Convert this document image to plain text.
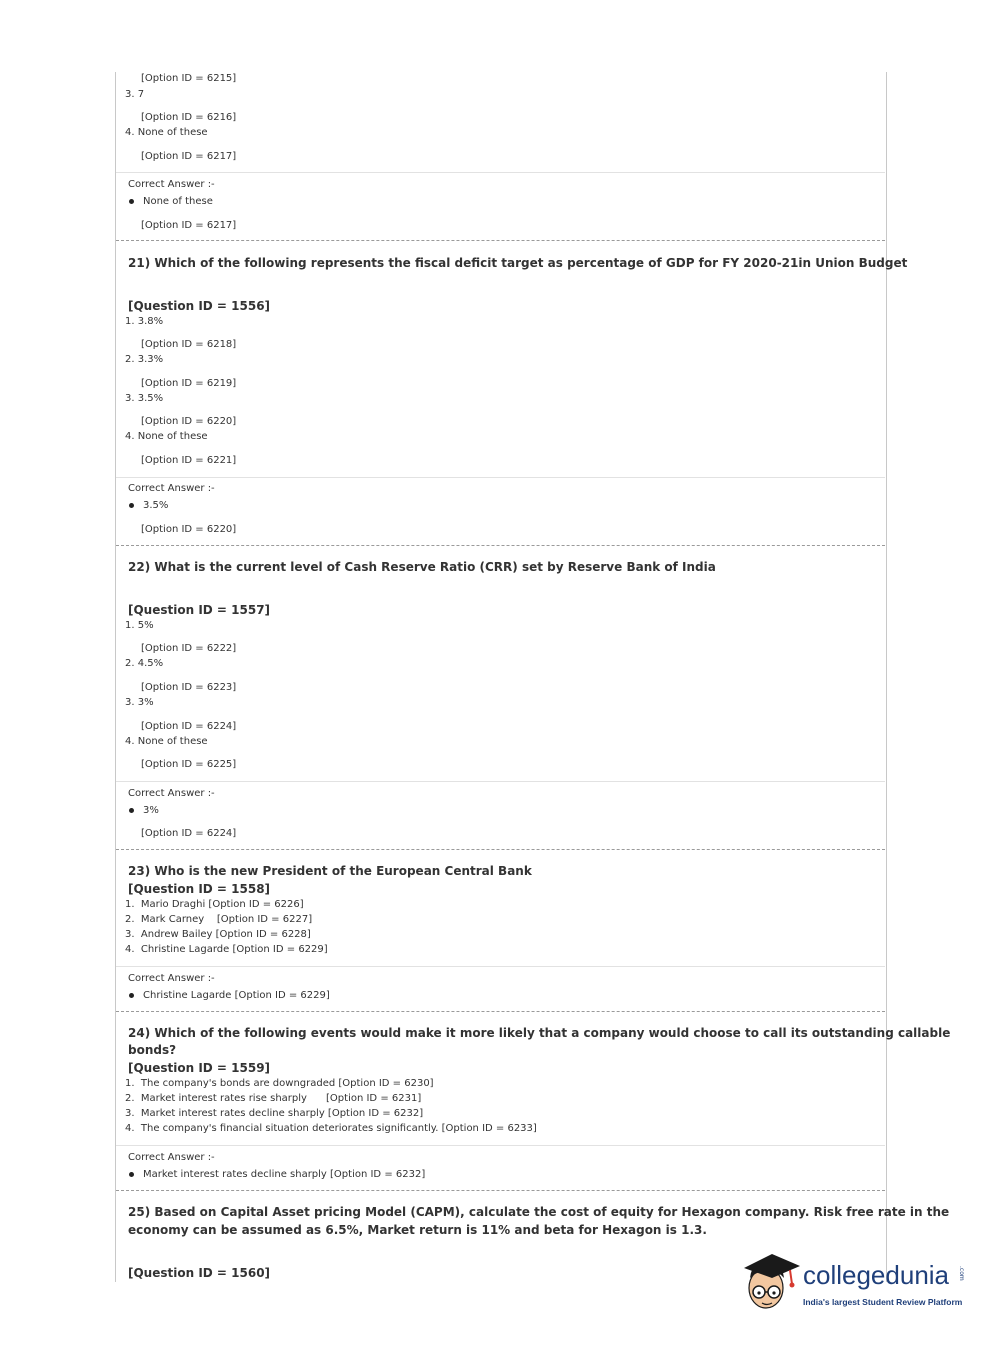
[Option ID = 6215]
3. 7
[Option ID = 6216]
4. None of these
[Option ID = 6217]
Correct Answer :-
None of these
[Option ID = 6217]
21) Which of the following represents the fiscal deficit target as percentage of GDP for FY 2020-21in Union Budget
[Question ID = 1556]
1. 3.8%
[Option ID = 6218]
2. 3.3%
[Option ID = 6219]
3. 3.5%
[Option ID = 6220]
4. None of these
[Option ID = 6221]
Correct Answer :-
3.5%
[Option ID = 6220]
22) What is the current level of Cash Reserve Ratio (CRR) set by Reserve Bank of India
[Question ID = 1557]
1. 5%
[Option ID = 6222]
2. 4.5%
[Option ID = 6223]
3. 3%
[Option ID = 6224]
4. None of these
[Option ID = 6225]
Correct Answer :-
3%
[Option ID = 6224]
23) Who is the new President of the European Central Bank
[Question ID = 1558]
1.  Mario Draghi [Option ID = 6226]
2.  Mark Carney    [Option ID = 6227]
3.  Andrew Bailey [Option ID = 6228]
4.  Christine Lagarde [Option ID = 6229]
Correct Answer :-
Christine Lagarde [Option ID = 6229]
24) Which of the following events would make it more likely that a company would choose to call its outstanding callable
bonds?
[Question ID = 1559]
1.  The company's bonds are downgraded [Option ID = 6230]
2.  Market interest rates rise sharply      [Option ID = 6231]
3.  Market interest rates decline sharply [Option ID = 6232]
4.  The company's financial situation deteriorates significantly. [Option ID = 6233]
Correct Answer :-
Market interest rates decline sharply [Option ID = 6232]
25) Based on Capital Asset pricing Model (CAPM), calculate the cost of equity for Hexagon company. Risk free rate in the
economy can be assumed as 6.5%, Market return is 11% and beta for Hexagon is 1.3.
[Question ID = 1560]	collegedunia .com
India's largest Student Review Platform
